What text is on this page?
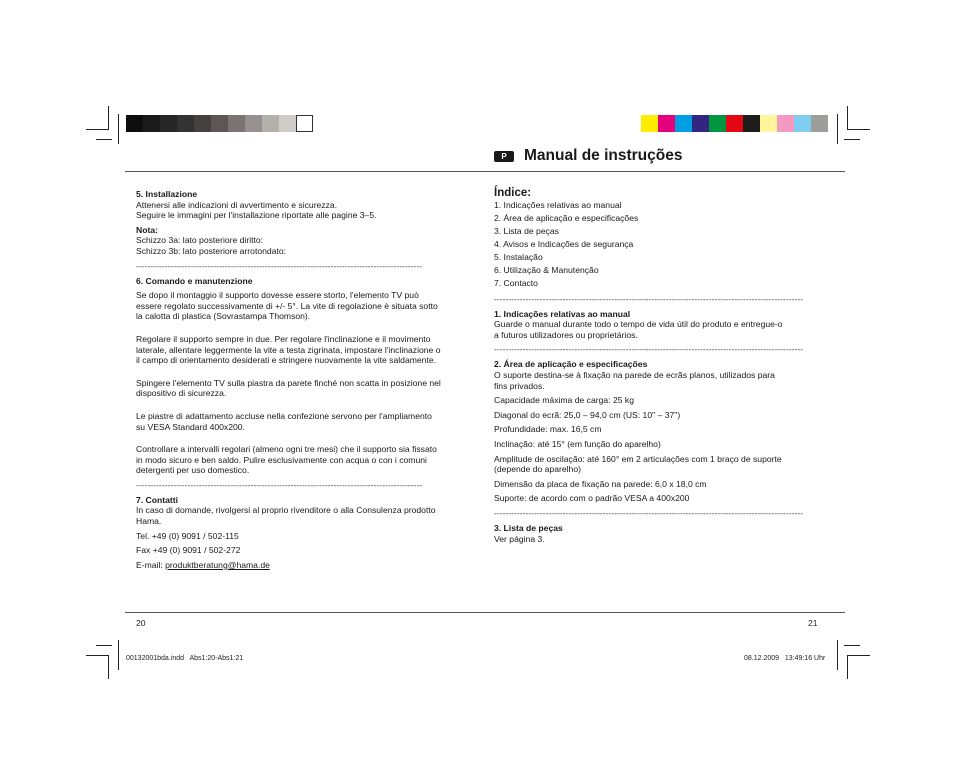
P	Manual de instruções

5. Installazione

Attenersi alle indicazioni di avvertimento e sicurezza.

Seguire le immagini per l'installazione riportate alle pagine 3–5.

Nota:

Schizzo 3a: lato posteriore diritto:

Schizzo 3b: lato posteriore arrotondato:

----------------------------------------------------------------------------------------------------

6. Comando e manutenzione

Se dopo il montaggio il supporto dovesse essere storto, l'elemento TV può

essere regolato successivamente di +/- 5°. La vite di regolazione è situata sotto

la calotta di plastica (Sovrastampa Thomson).

Regolare il supporto sempre in due. Per regolare l'inclinazione e il movimento

laterale, allentare leggermente la vite a testa zigrinata, impostare l'inclinazione o

il campo di orientamento desiderati e stringere nuovamente la vite saldamente.

Spingere l'elemento TV sulla piastra da parete finché non scatta in posizione nel

dispositivo di sicurezza.

Le piastre di adattamento accluse nella confezione servono per l'ampliamento

su VESA Standard 400x200.

Controllare a intervalli regolari (almeno ogni tre mesi) che il supporto sia fissato

in modo sicuro e ben saldo. Pulire esclusivamente con acqua o con i comuni

detergenti per uso domestico.

----------------------------------------------------------------------------------------------------

7. Contatti

In caso di domande, rivolgersi al proprio rivenditore o alla Consulenza prodotto

Hama.

Tel. +49 (0) 9091 / 502-115

Fax +49 (0) 9091 / 502-272

E-mail: produktberatung@hama.de

Índice:

1. Indicações relativas ao manual

2. Área de aplicação e especificações

3. Lista de peças

4. Avisos e Indicações de segurança

5. Instalação

6. Utilização & Manutenção

7. Contacto

------------------------------------------------------------------------------------------------------------

1. Indicações relativas ao manual

Guarde o manual durante todo o tempo de vida útil do produto e entregue-o

a futuros utilizadores ou proprietários.

------------------------------------------------------------------------------------------------------------

2. Área de aplicação e especificações

O suporte destina-se à fixação na parede de ecrãs planos, utilizados para

fins privados.

Capacidade máxima de carga: 25 kg

Diagonal do ecrã: 25,0 – 94,0 cm (US: 10" – 37")

Profundidade: max. 16,5 cm

Inclinação: até 15° (em função do aparelho)

Amplitude de oscilação: até 160° em 2 articulações com 1 braço de suporte

(depende do aparelho)

Dimensão da placa de fixação na parede: 6,0 x 18,0 cm

Suporte: de acordo com o padrão VESA a 400x200

------------------------------------------------------------------------------------------------------------

3. Lista de peças

Ver página 3.

20	21
00132001bda.indd   Abs1:20-Abs1:21	08.12.2009   13:49:16 Uhr
